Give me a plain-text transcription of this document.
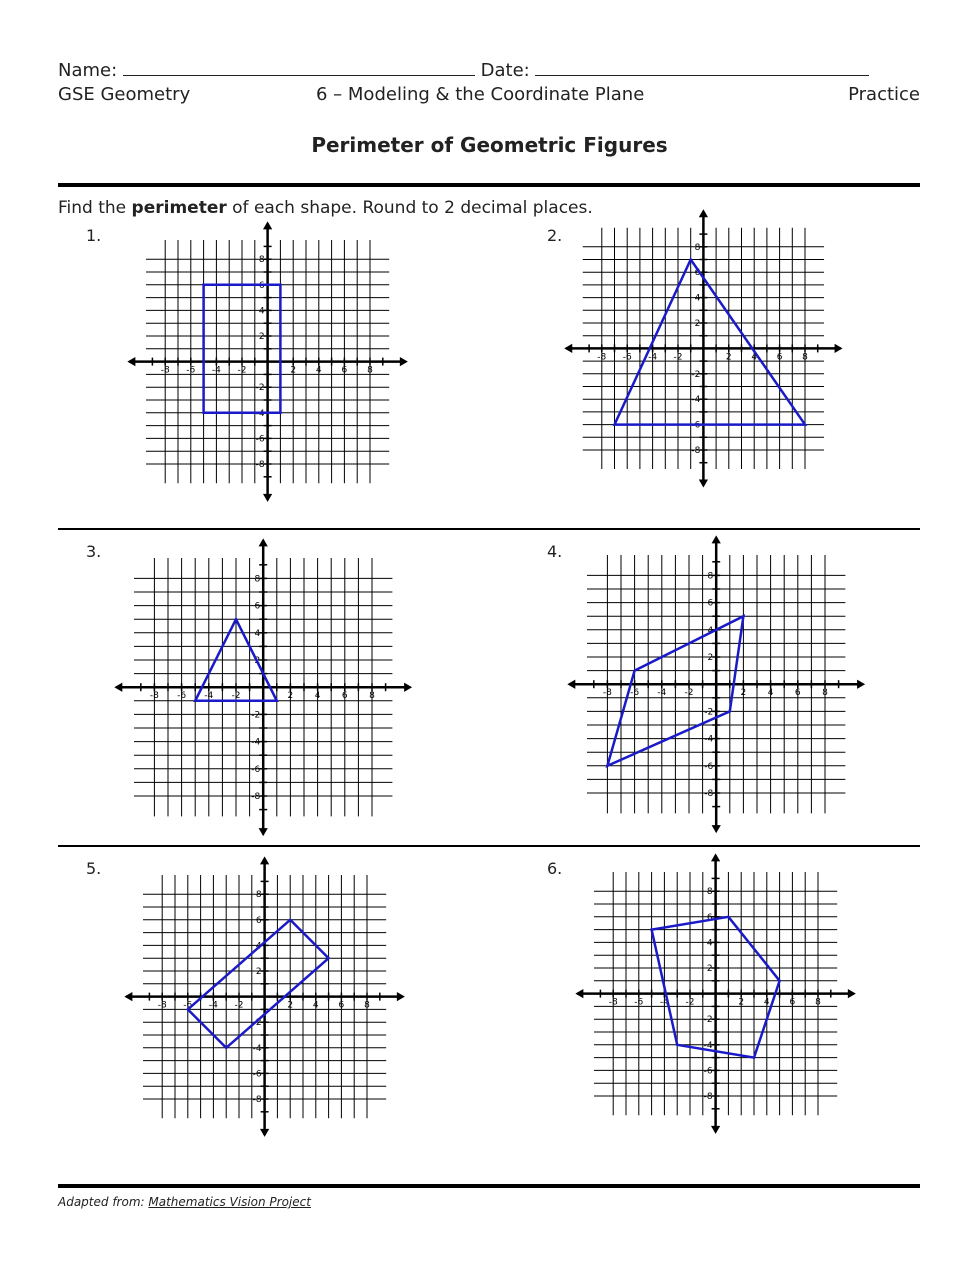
Name:	Date:
GSE Geometry	6 – Modeling & the Coordinate Plane	Practice
Perimeter of Geometric Figures
Find the perimeter of each shape. Round to 2 decimal places.
1.	2.
3.	4.
5.	6.
2
2
-2
-2
4
4
-4
-4
6
6
-6
-6
8
8
-8
-8
2
2
-2
-2
4
4
-4
-4
6
6
-6
-6
8
8
-8
-8
2
2
-2
-2
4
4
-4
-4
6
6
-6
-6
8
8
-8
-8
2
2
-2
-2
4
4
-4
-4
6
6
-6
-6
8
8
-8
-8
2
2
-2
-2
4
4
-4
-4
6
6
-6
-6
8
8
-8
-8
2
2
-2
-2
4
4
-4
-4
6
6
-6
-6
8
8
-8
-8
Adapted from: Mathematics Vision Project
